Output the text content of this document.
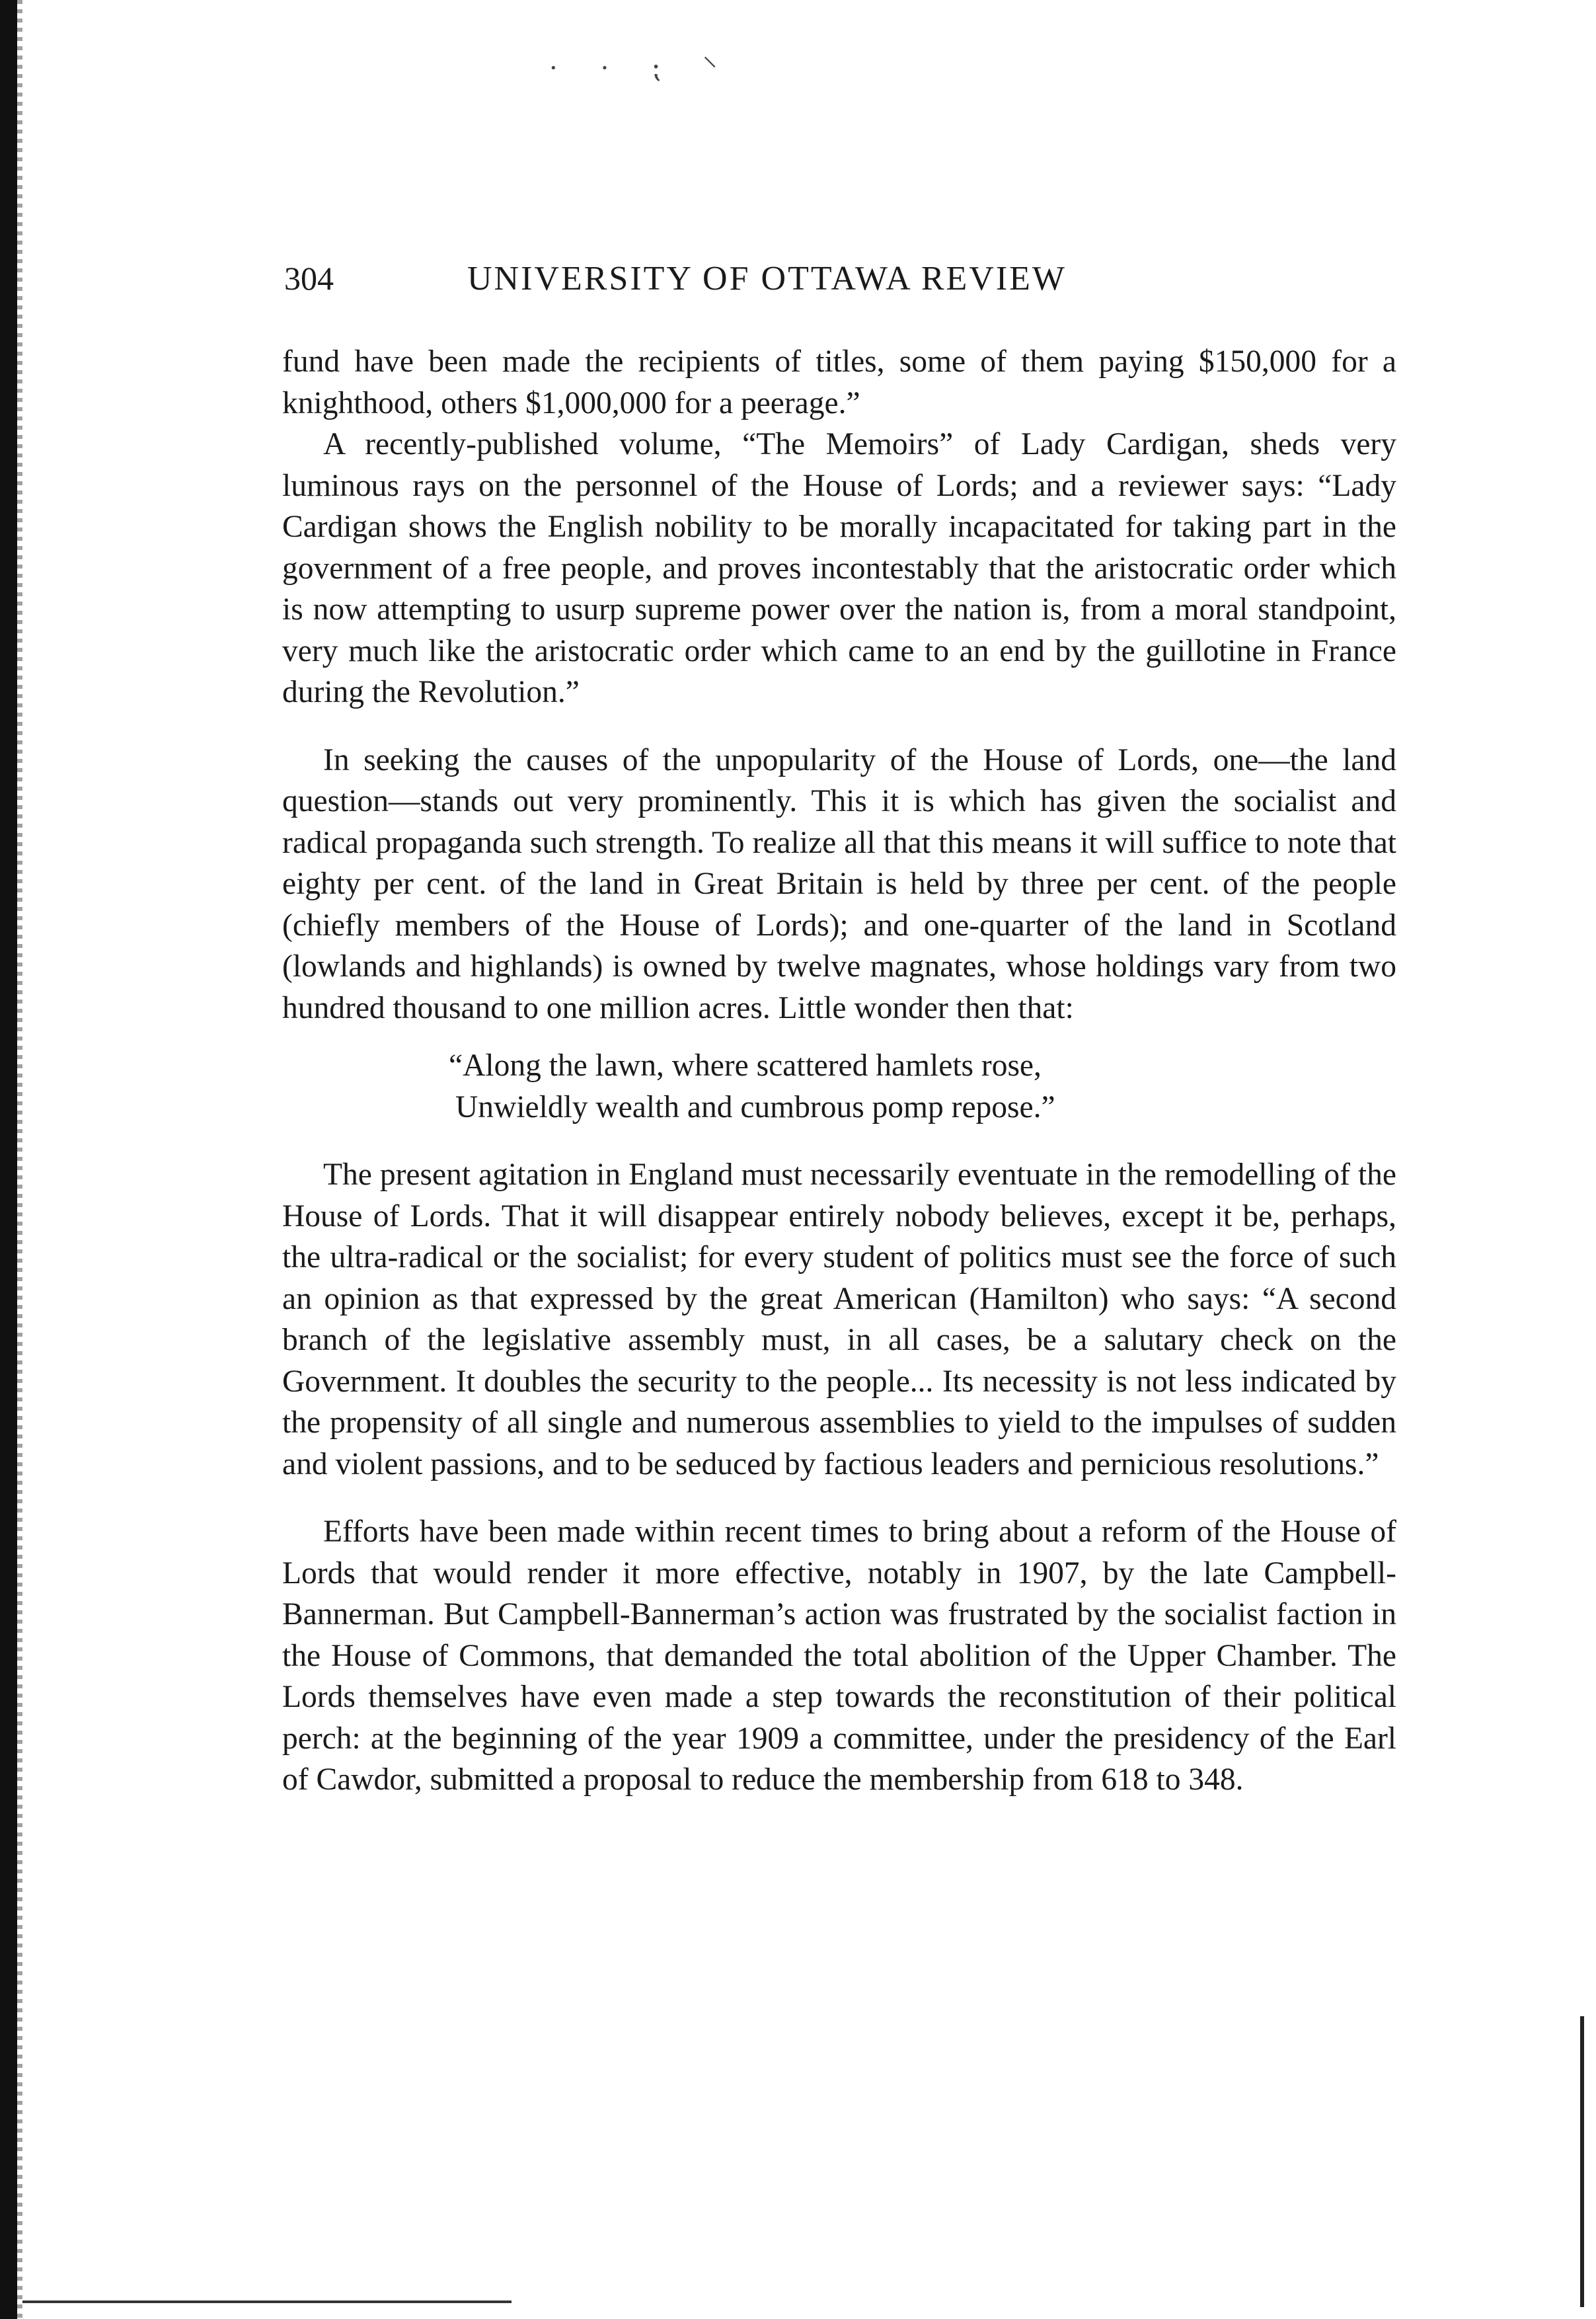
· · ⁏ ⸌
304	UNIVERSITY OF OTTAWA REVIEW

fund have been made the recipients of titles, some of them paying $150,000 for a knighthood, others $1,000,000 for a peerage.”

A recently-published volume, “The Memoirs” of Lady Cardigan, sheds very luminous rays on the personnel of the House of Lords; and a reviewer says: “Lady Cardigan shows the English nobility to be morally incapacitated for taking part in the government of a free people, and proves incontestably that the aristocratic order which is now attempting to usurp supreme power over the nation is, from a moral standpoint, very much like the aristocratic order which came to an end by the guillotine in France during the Revolution.”

In seeking the causes of the unpopularity of the House of Lords, one—the land question—stands out very prominently. This it is which has given the socialist and radical propaganda such strength. To realize all that this means it will suffice to note that eighty per cent. of the land in Great Britain is held by three per cent. of the people (chiefly members of the House of Lords); and one-quarter of the land in Scotland (lowlands and highlands) is owned by twelve magnates, whose holdings vary from two hundred thousand to one million acres. Little wonder then that:

“Along the lawn, where scattered hamlets rose,
Unwieldly wealth and cumbrous pomp repose.”

The present agitation in England must necessarily eventuate in the remodelling of the House of Lords. That it will disappear entirely nobody believes, except it be, perhaps, the ultra-radical or the socialist; for every student of politics must see the force of such an opinion as that expressed by the great American (Hamilton) who says: “A second branch of the legislative assembly must, in all cases, be a salutary check on the Government. It doubles the security to the people... Its necessity is not less indicated by the propensity of all single and numerous assemblies to yield to the impulses of sudden and violent passions, and to be seduced by factious leaders and pernicious resolutions.”

Efforts have been made within recent times to bring about a reform of the House of Lords that would render it more effective, notably in 1907, by the late Campbell-Bannerman. But Campbell-Bannerman’s action was frustrated by the socialist faction in the House of Commons, that demanded the total abolition of the Upper Chamber. The Lords themselves have even made a step towards the reconstitution of their political perch: at the beginning of the year 1909 a committee, under the presidency of the Earl of Cawdor, submitted a proposal to reduce the membership from 618 to 348.
